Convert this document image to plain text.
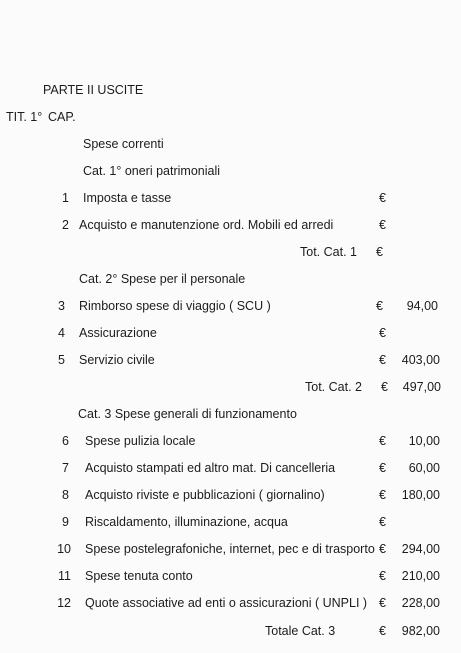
PARTE II USCITE
TIT. 1° CAP.
Spese correnti
Cat. 1° oneri patrimoniali
1 Imposta e tasse	€
2 Acquisto e manutenzione ord. Mobili ed arredi	€
Tot. Cat. 1 €
Cat. 2° Spese per il personale
3 Rimborso spese di viaggio ( SCU )	€	94,00
4 Assicurazione	€
5 Servizio civile	€	403,00
Tot. Cat. 2 €	497,00
Cat. 3 Spese generali di funzionamento
6 Spese pulizia locale	€	10,00
7 Acquisto stampati ed altro mat. Di cancelleria	€	60,00
8 Acquisto riviste e pubblicazioni ( giornalino)	€	180,00
9 Riscaldamento, illuminazione, acqua	€
10 Spese postelegrafoniche, internet, pec e di trasporto €	294,00
11 Spese tenuta conto	€	210,00
12 Quote associative ad enti o assicurazioni ( UNPLI ) €	228,00
Totale Cat. 3	€	982,00
